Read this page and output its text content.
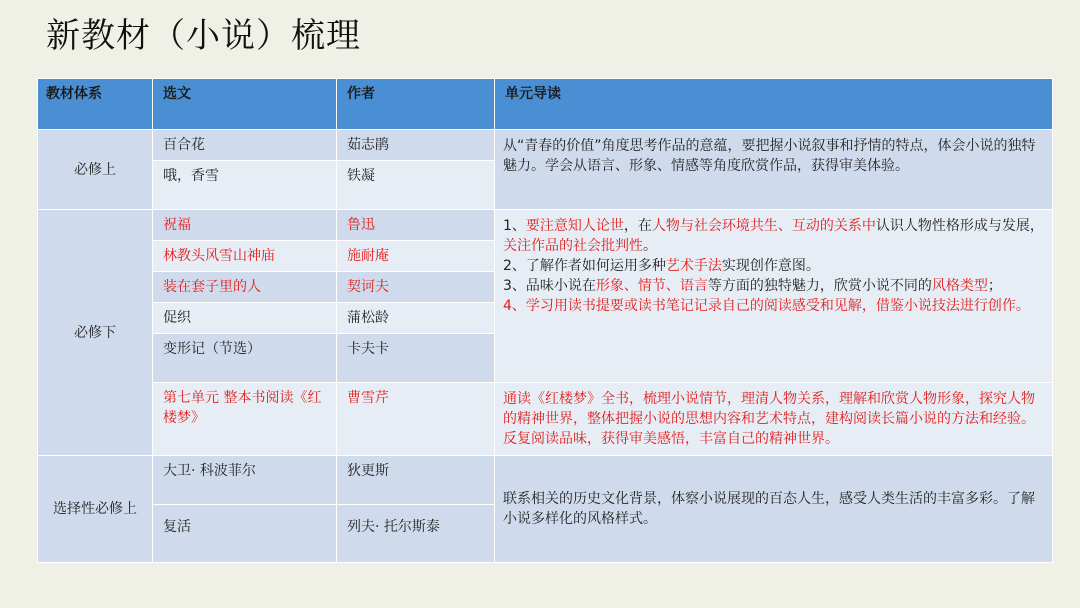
新教材（小说）梳理
教材体系	选文	作者	单元导读
必修上	百合花	茹志鹃	从“青春的价值”角度思考作品的意蕴，要把握小说叙事和抒情的特点，体会小说的独特魅力。学会从语言、形象、情感等角度欣赏作品，获得审美体验。
	哦，香雪	铁凝	
必修下	祝福	鲁迅	1、要注意知人论世，在人物与社会环境共生、互动的关系中认识人物性格形成与发展，关注作品的社会批判性。

2、了解作者如何运用多种艺术手法实现创作意图。

3、品味小说在形象、情节、语言等方面的独特魅力，欣赏小说不同的风格类型；

4、学习用读书提要或读书笔记记录自己的阅读感受和见解，借鉴小说技法进行创作。

	林教头风雪山神庙	施耐庵	
	装在套子里的人	契诃夫	
	促织	蒲松龄	
	变形记（节选）	卡夫卡	
	第七单元 整本书阅读《红楼梦》	曹雪芹	通读《红楼梦》全书，梳理小说情节，理清人物关系，理解和欣赏人物形象，探究人物的精神世界，整体把握小说的思想内容和艺术特点，建构阅读长篇小说的方法和经验。反复阅读品味，获得审美感悟，丰富自己的精神世界。
选择性必修上	大卫· 科波菲尔	狄更斯	联系相关的历史文化背景，体察小说展现的百态人生，感受人类生活的丰富多彩。了解小说多样化的风格样式。
	复活	列夫· 托尔斯泰	
